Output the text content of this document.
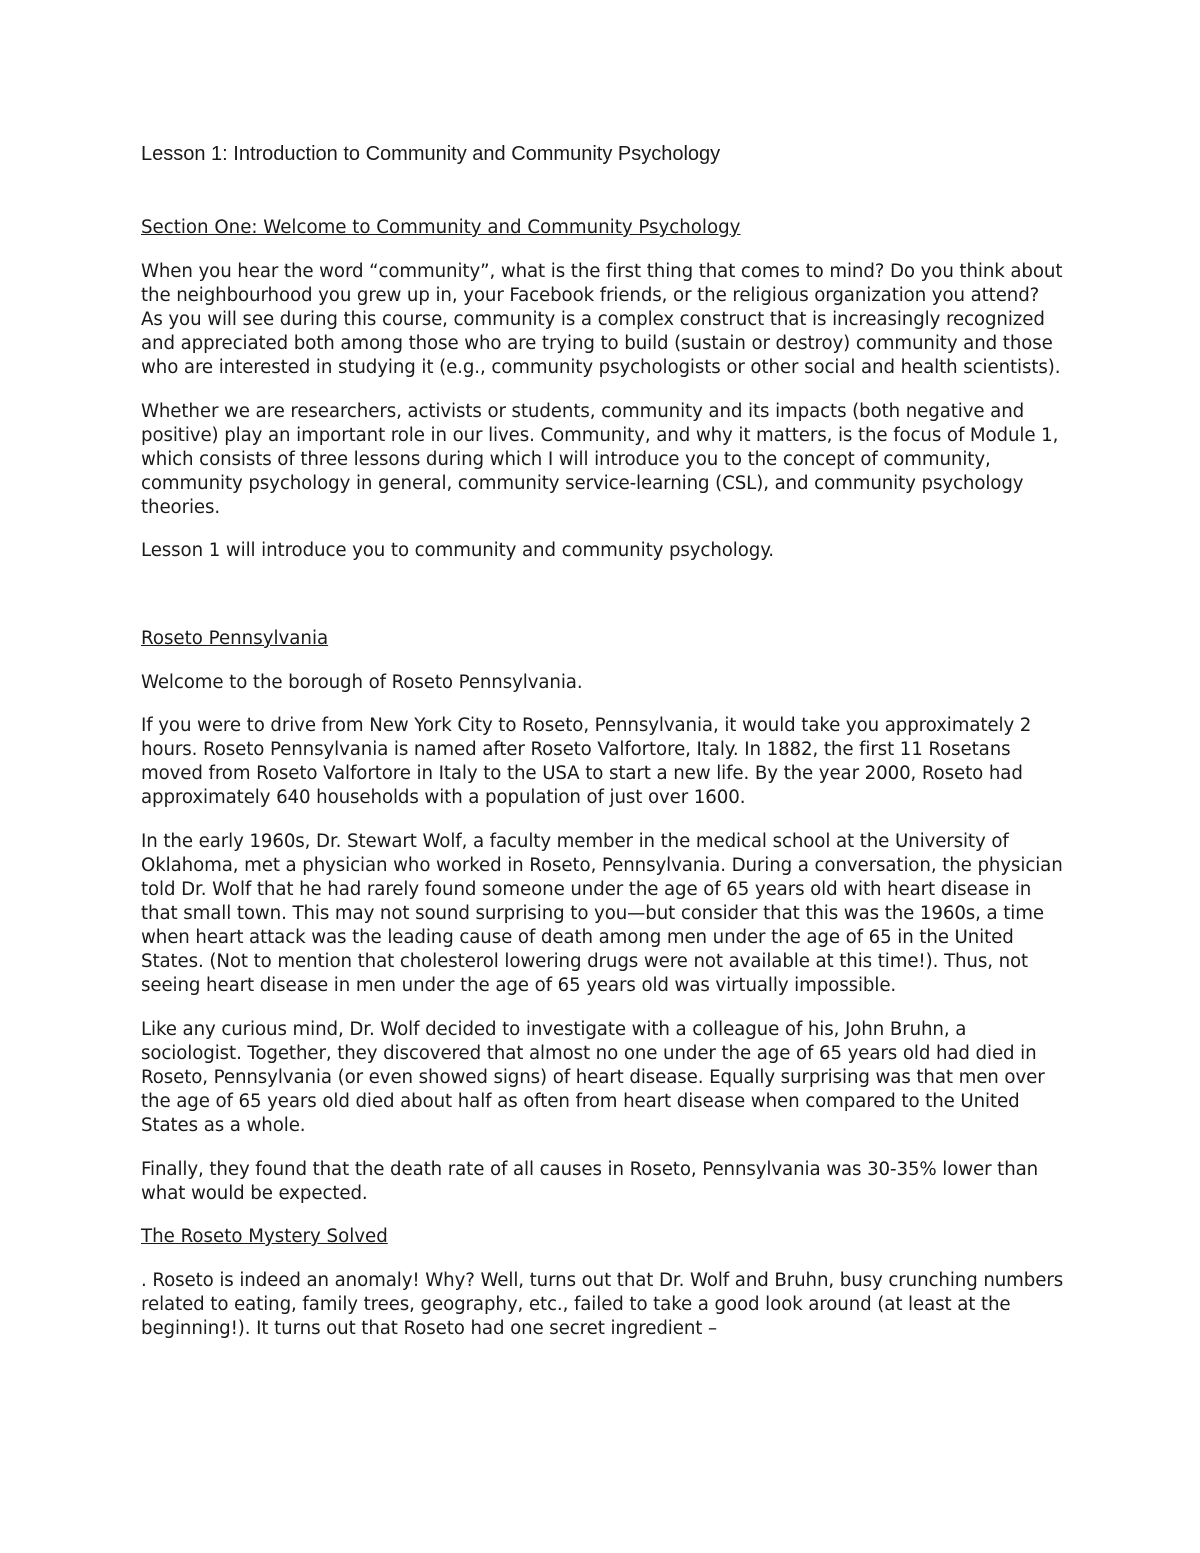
Lesson 1: Introduction to Community and Community Psychology
Section One: Welcome to Community and Community Psychology

When you hear the word “community”, what is the first thing that comes to mind? Do you think about the neighbourhood you grew up in, your Facebook friends, or the religious organization you attend? As you will see during this course, community is a complex construct that is increasingly recognized and appreciated both among those who are trying to build (sustain or destroy) community and those who are interested in studying it (e.g., community psychologists or other social and health scientists).

Whether we are researchers, activists or students, community and its impacts (both negative and positive) play an important role in our lives. Community, and why it matters, is the focus of Module 1, which consists of three lessons during which I will introduce you to the concept of community, community psychology in general, community service-learning (CSL), and community psychology theories.

Lesson 1 will introduce you to community and community psychology.

Roseto Pennsylvania

Welcome to the borough of Roseto Pennsylvania.

If you were to drive from New York City to Roseto, Pennsylvania, it would take you approximately 2 hours. Roseto Pennsylvania is named after Roseto Valfortore, Italy. In 1882, the first 11 Rosetans moved from Roseto Valfortore in Italy to the USA to start a new life. By the year 2000, Roseto had approximately 640 households with a population of just over 1600.

In the early 1960s, Dr. Stewart Wolf, a faculty member in the medical school at the University of Oklahoma, met a physician who worked in Roseto, Pennsylvania. During a conversation, the physician told Dr. Wolf that he had rarely found someone under the age of 65 years old with heart disease in that small town. This may not sound surprising to you—but consider that this was the 1960s, a time when heart attack was the leading cause of death among men under the age of 65 in the United States. (Not to mention that cholesterol lowering drugs were not available at this time!). Thus, not seeing heart disease in men under the age of 65 years old was virtually impossible.

Like any curious mind, Dr. Wolf decided to investigate with a colleague of his, John Bruhn, a sociologist. Together, they discovered that almost no one under the age of 65 years old had died in Roseto, Pennsylvania (or even showed signs) of heart disease. Equally surprising was that men over the age of 65 years old died about half as often from heart disease when compared to the United States as a whole.

Finally, they found that the death rate of all causes in Roseto, Pennsylvania was 30-35% lower than what would be expected.

The Roseto Mystery Solved

. Roseto is indeed an anomaly! Why? Well, turns out that Dr. Wolf and Bruhn, busy crunching numbers related to eating, family trees, geography, etc., failed to take a good look around (at least at the beginning!). It turns out that Roseto had one secret ingredient –
